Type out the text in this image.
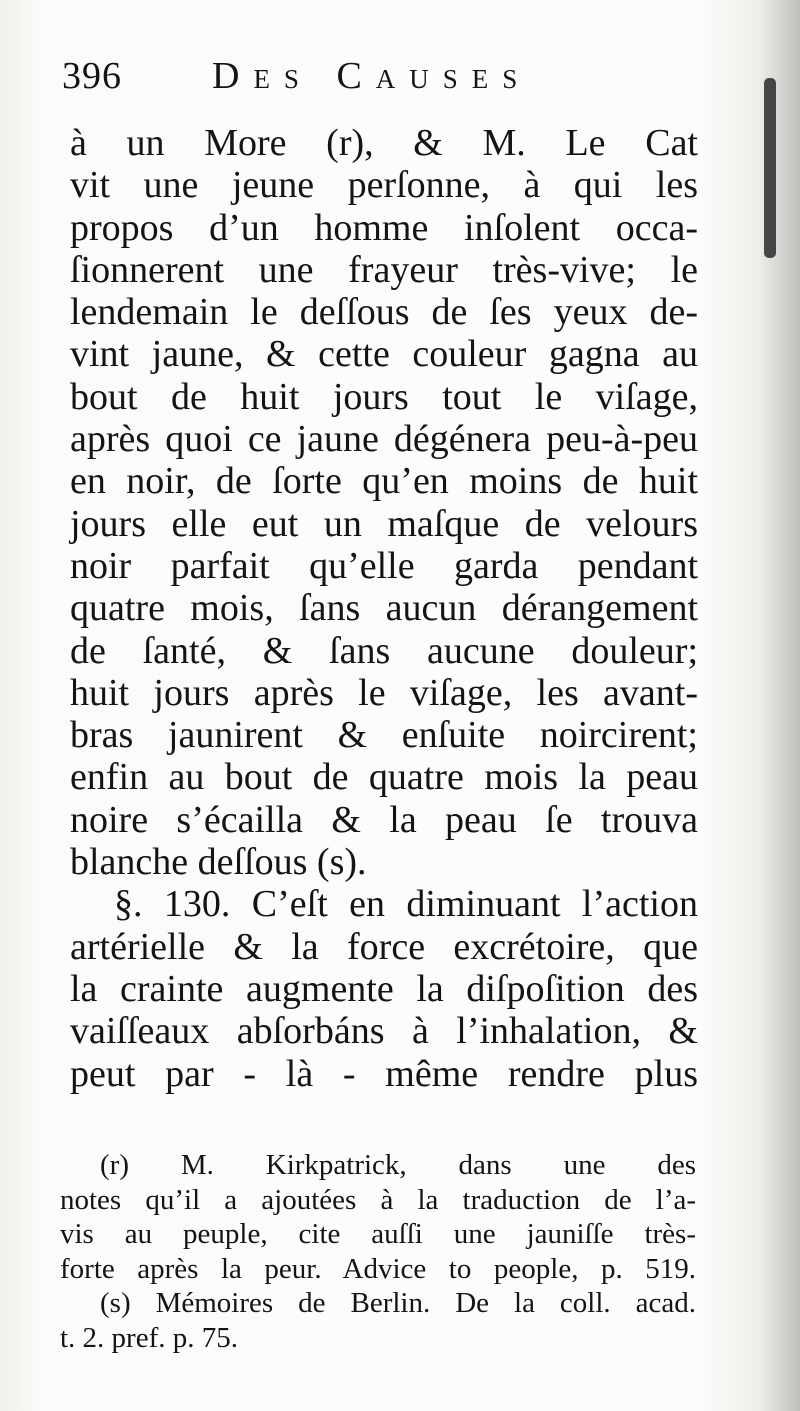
396 Des Causes
à un More (r), & M. Le Cat
vit une jeune perſonne, à qui les
propos d’un homme inſolent occa-
ſionnerent une frayeur très-vive; le
lendemain le deſſous de ſes yeux de-
vint jaune, & cette couleur gagna au
bout de huit jours tout le viſage,
après quoi ce jaune dégénera peu-à-peu
en noir, de ſorte qu’en moins de huit
jours elle eut un maſque de velours
noir parfait qu’elle garda pendant
quatre mois, ſans aucun dérangement
de ſanté, & ſans aucune douleur;
huit jours après le viſage, les avant-
bras jaunirent & enſuite noircirent;
enfin au bout de quatre mois la peau
noire s’écailla & la peau ſe trouva
blanche deſſous (s).
§. 130. C’eſt en diminuant l’action
artérielle & la force excrétoire, que
la crainte augmente la diſpoſition des
vaiſſeaux abſorbáns à l’inhalation, &
peut par - là - même rendre plus
(r) M. Kirkpatrick, dans une des
notes qu’il a ajoutées à la traduction de l’a-
vis au peuple, cite auſſi une jauniſſe très-
forte après la peur. Advice to people, p. 519.
(s) Mémoires de Berlin. De la coll. acad.
t. 2. pref. p. 75.
